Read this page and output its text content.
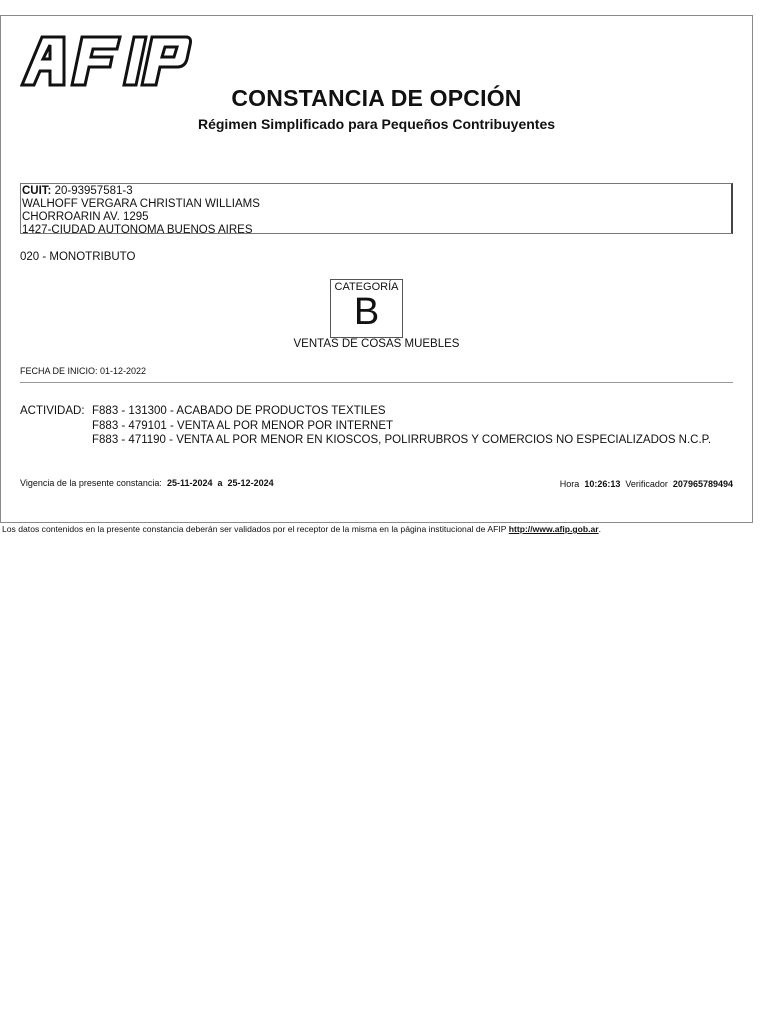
CONSTANCIA DE OPCIÓN
Régimen Simplificado para Pequeños Contribuyentes
CUIT: 20-93957581-3
WALHOFF VERGARA CHRISTIAN WILLIAMS
CHORROARIN AV. 1295
1427-CIUDAD AUTONOMA BUENOS AIRES
020 - MONOTRIBUTO
CATEGORÍA
B
VENTAS DE COSAS MUEBLES
FECHA DE INICIO: 01-12-2022
ACTIVIDAD: F883 - 131300 - ACABADO DE PRODUCTOS TEXTILES
F883 - 479101 - VENTA AL POR MENOR POR INTERNET
F883 - 471190 - VENTA AL POR MENOR EN KIOSCOS, POLIRRUBROS Y COMERCIOS NO ESPECIALIZADOS N.C.P.
Vigencia de la presente constancia: 25-11-2024 a 25-12-2024	Hora 10:26:13 Verificador 207965789494
Los datos contenidos en la presente constancia deberán ser validados por el receptor de la misma en la página institucional de AFIP http://www.afip.gob.ar.
